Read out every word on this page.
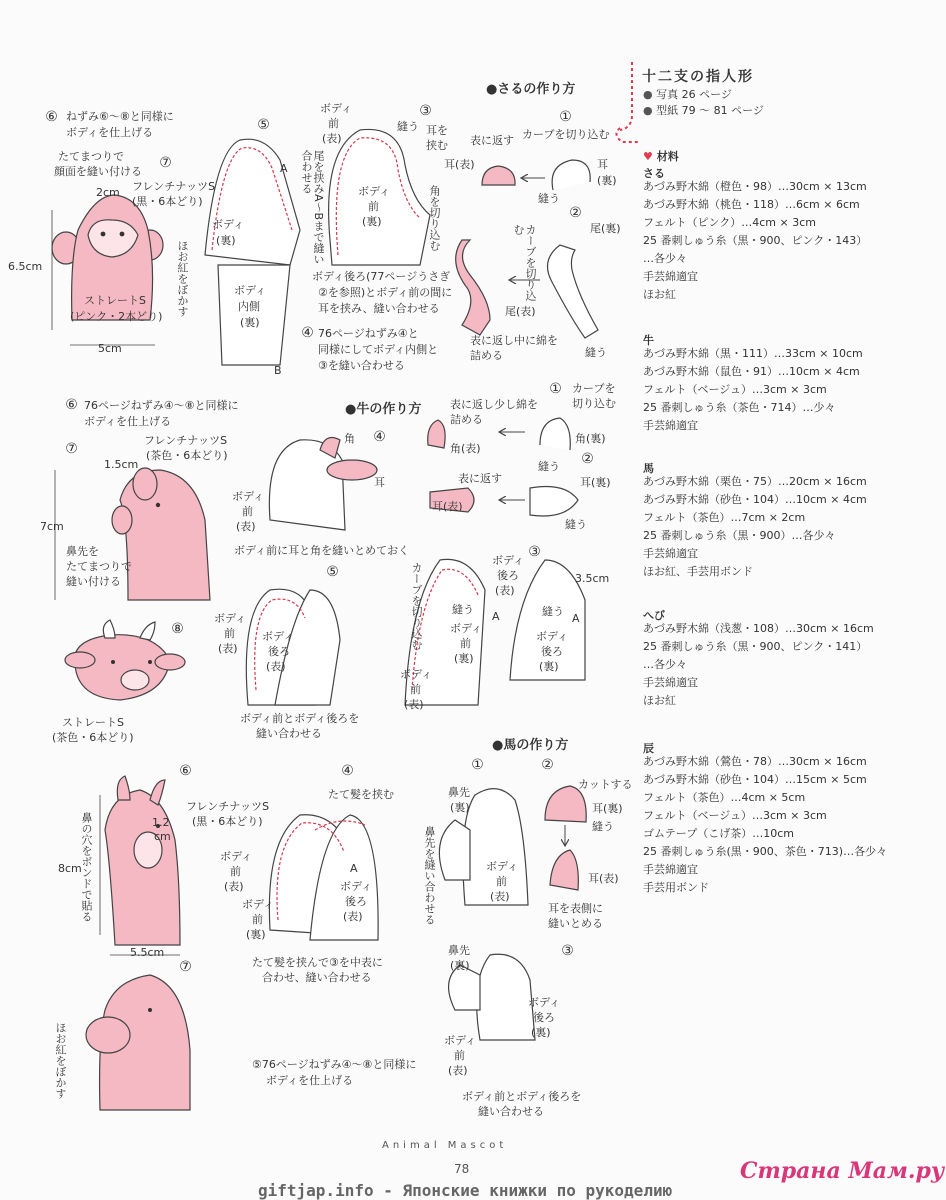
十二支の指人形
● 写真 26 ページ
● 型紙 79 ～ 81 ページ
♥ 材料
さる
あづみ野木綿（橙色・98）…30cm × 13cm
あづみ野木綿（桃色・118）…6cm × 6cm
フェルト（ピンク）…4cm × 3cm
25 番刺しゅう糸（黒・900、ピンク・143）
…各少々
手芸綿適宜
ほお紅
牛
あづみ野木綿（黒・111）…33cm × 10cm
あづみ野木綿（鼠色・91）…10cm × 4cm
フェルト（ベージュ）…3cm × 3cm
25 番刺しゅう糸（茶色・714）…少々
手芸綿適宜
馬
あづみ野木綿（栗色・75）…20cm × 16cm
あづみ野木綿（砂色・104）…10cm × 4cm
フェルト（茶色）…7cm × 2cm
25 番刺しゅう糸（黒・900）…各少々
手芸綿適宜
ほお紅、手芸用ボンド
へび
あづみ野木綿（浅葱・108）…30cm × 16cm
25 番刺しゅう糸（黒・900、ピンク・141）
…各少々
手芸綿適宜
ほお紅
辰
あづみ野木綿（鶯色・78）…30cm × 16cm
あづみ野木綿（砂色・104）…15cm × 5cm
フェルト（茶色）…4cm × 5cm
フェルト（ベージュ）…3cm × 3cm
ゴムテープ（こげ茶）…10cm
25 番刺しゅう糸(黒・900、茶色・713)…各少々
手芸綿適宜
手芸用ボンド
●さるの作り方
①
カーブを切り込む
表に返す
耳(表)	耳
(裏)
縫う
②
尾(裏)
カーブを切り込む
尾(表)
表に返し中に綿を
詰める	縫う
③
縫う 耳を
挟む
ボディ
前
(表)
ボディ
前
(裏)	角を切り込む
ボディ後ろ(77ページうさぎ
②を参照)とボディ前の間に
耳を挟み、縫い合わせる
④ 76ページねずみ④と
同様にしてボディ内側と
③を縫い合わせる
⑤
尾を挟みA～Bまで縫い合わせる
A
B
ボディ
(裏)
ボディ
内側
(裏)
⑥ ねずみ⑥～⑧と同様に
ボディを仕上げる
⑦
たてまつりで
顔面を縫い付ける
フレンチナッツS
(黒・6本どり)
2cm
6.5cm
5cm
ほお紅をぼかす
ストレートS
(ピンク・2本どり)
●牛の作り方
① カーブを
切り込む
表に返し少し綿を
詰める
角(表)
角(裏)
縫う ②
表に返す
耳(表)
耳(裏)
縫う
④
角
耳
ボディ
前
(表)
ボディ前に耳と角を縫いとめておく	③
カーブを切り込む
ボディ
後ろ
(表)
3.5cm
縫う	縫う
A	A
ボディ
前
(裏)
ボディ
後ろ
(裏)
ボディ
前
(表)
⑤
ボディ
前
(表)
ボディ
後ろ
(表)
ボディ前とボディ後ろを
縫い合わせる
⑥ 76ページねずみ④～⑧と同様に
ボディを仕上げる
⑦
フレンチナッツS
(茶色・6本どり)
1.5cm
7cm
鼻先を
たてまつりで
縫い付ける
⑧
ストレートS
(茶色・6本どり)
●馬の作り方
①
鼻先
(裏)
ボディ
前
(表)
鼻先を縫い合わせる
②
カットする
耳(裏)
縫う
耳(表)
耳を表側に
縫いとめる
③
鼻先
(裏)
ボディ
後ろ
(裏)
ボディ
前
(表)
ボディ前とボディ後ろを
縫い合わせる
④
たて髪を挟む
ボディ
前
(表)
A
ボディ
後ろ
(表)
ボディ
前
(裏)
たて髪を挟んで③を中表に
合わせ、縫い合わせる
⑤76ページねずみ④～⑧と同様に
ボディを仕上げる
⑥
フレンチナッツS
(黒・6本どり)
1.2
cm
鼻の穴をボンドで貼る
8cm
5.5cm
⑦
ほお紅をぼかす
Animal Mascot
78
giftjap.info - Японские книжки по рукоделию
Страна Мам.ру
